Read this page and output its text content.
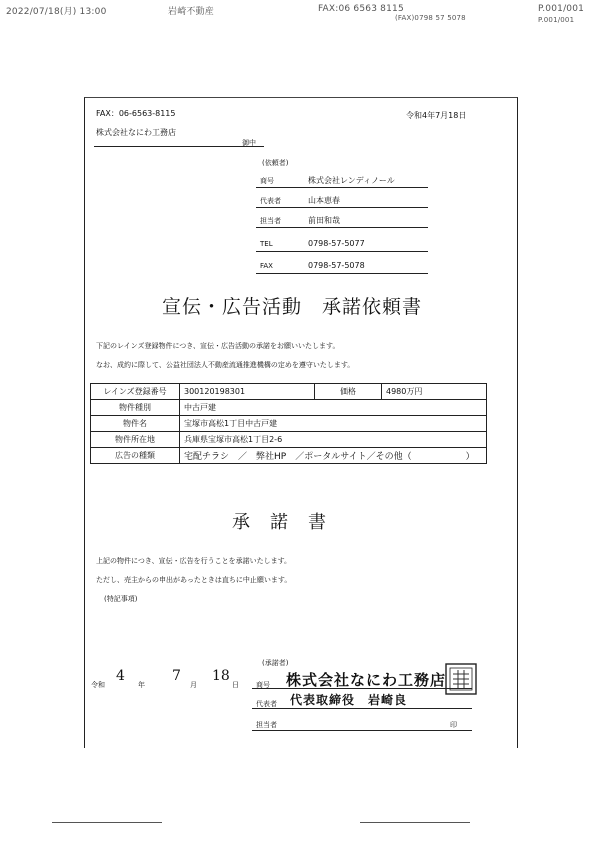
2022/07/18(月) 13:00	岩崎不動産	FAX:06 6563 8115	P.001/001
(FAX)0798 57 5078	P.001/001
FAX：06-6563-8115	令和4年7月18日
株式会社なにわ工務店
御中
(依頼者)
商号	株式会社レンディノール
代表者	山本恵春
担当者	前田和哉
TEL	0798-57-5077
FAX	0798-57-5078
宣伝・広告活動　承諾依頼書
下記のレインズ登録物件につき、宣伝・広告活動の承諾をお願いいたします。
なお、成約に際して、公益社団法人不動産流通推進機構の定めを遵守いたします。
レインズ登録番号	300120198301	価格	4980万円
物件種別	中古戸建		
物件名	宝塚市高松1丁目中古戸建		
物件所在地	兵庫県宝塚市高松1丁目2-6		
広告の種類	宅配チラシ　／　弊社HP　／ポータルサイト／その他（　　　　　　）		
承　諾　書
上記の物件につき、宣伝・広告を行うことを承諾いたします。
ただし、売主からの申出があったときは直ちに中止願います。
(特記事項)
令和
4
年
7
月
18
日
(承諾者)
商号 株式会社なにわ工務店
代表者 代表取締役　岩崎良
担当者	印
